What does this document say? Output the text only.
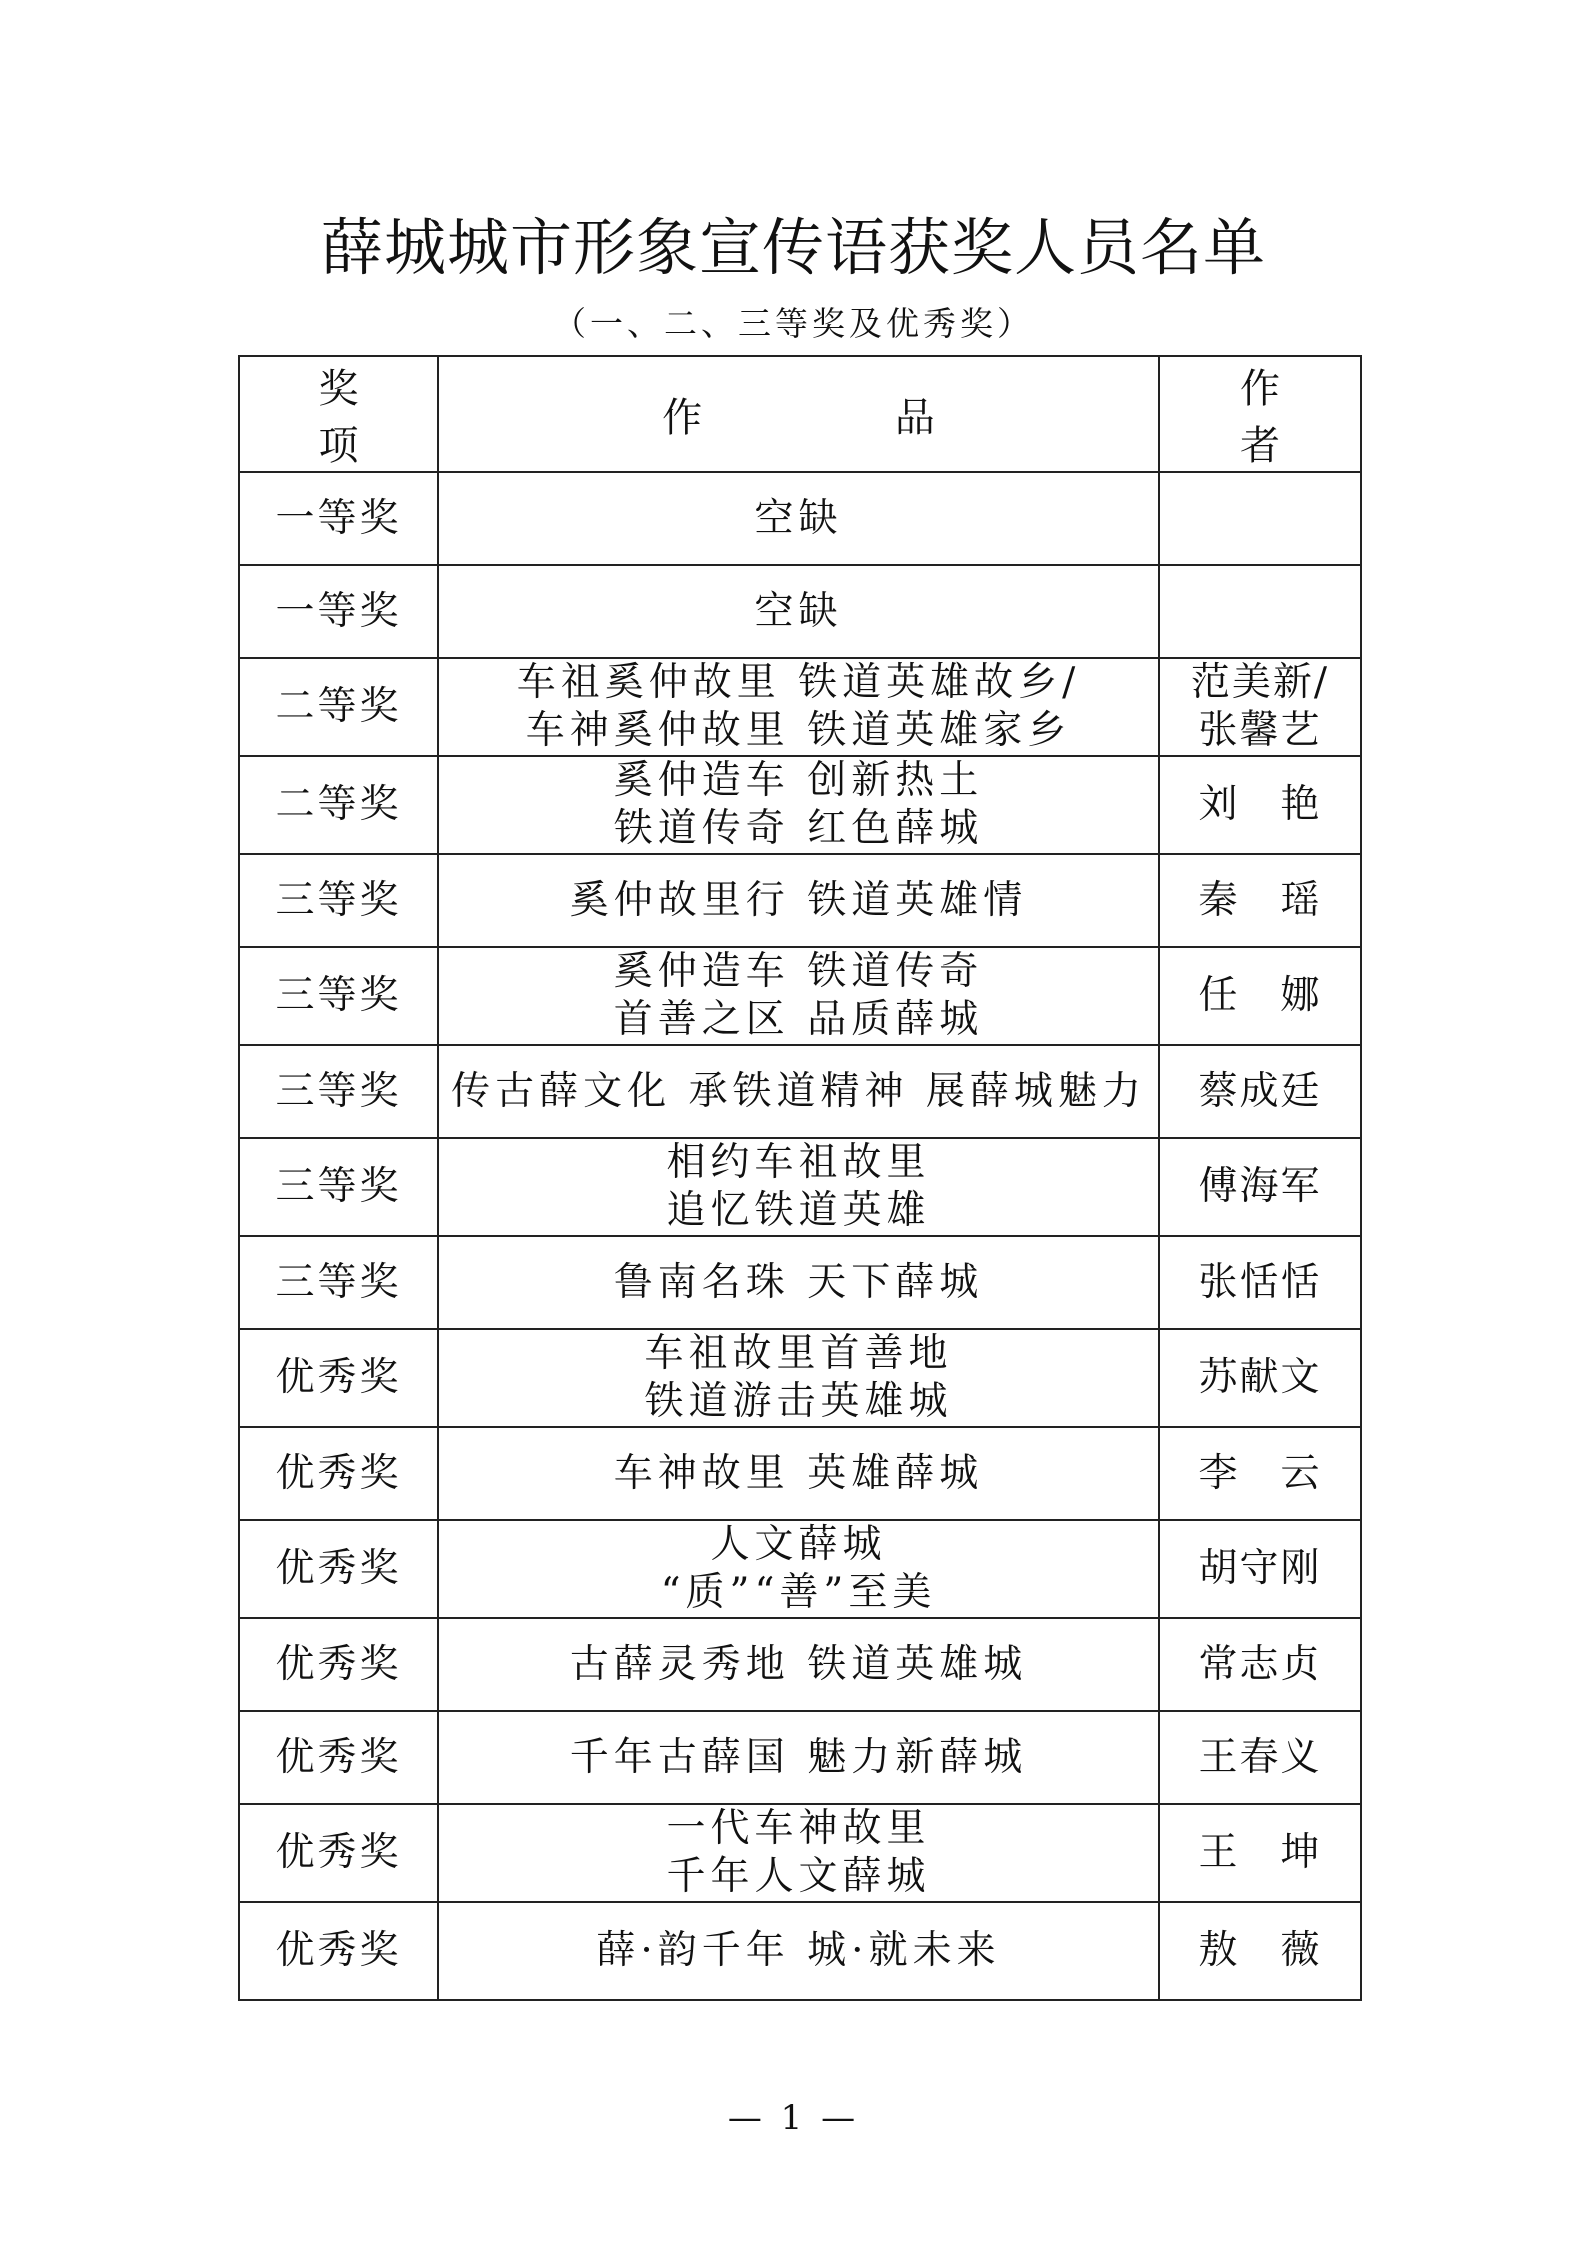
薛城城市形象宣传语获奖人员名单
（一、二、三等奖及优秀奖）
奖 项	作 品	作 者
一等奖	空缺	

一等奖	空缺	

二等奖	车祖奚仲故里 铁道英雄故乡/
车神奚仲故里 铁道英雄家乡	范美新/
张馨艺

二等奖	奚仲造车 创新热土
铁道传奇 红色薛城	刘　艳

三等奖	奚仲故里行 铁道英雄情	秦　瑶

三等奖	奚仲造车 铁道传奇
首善之区 品质薛城	任　娜

三等奖	传古薛文化 承铁道精神 展薛城魅力	蔡成廷

三等奖	相约车祖故里
追忆铁道英雄	傅海军

三等奖	鲁南名珠 天下薛城	张恬恬

优秀奖	车祖故里首善地
铁道游击英雄城	苏献文

优秀奖	车神故里 英雄薛城	李　云

优秀奖	人文薛城
“质”“善”至美	胡守刚

优秀奖	古薛灵秀地 铁道英雄城	常志贞

优秀奖	千年古薛国 魅力新薛城	王春义

优秀奖	一代车神故里
千年人文薛城	王　坤

优秀奖	薛·韵千年 城·就未来	敖　薇
— 1 —
